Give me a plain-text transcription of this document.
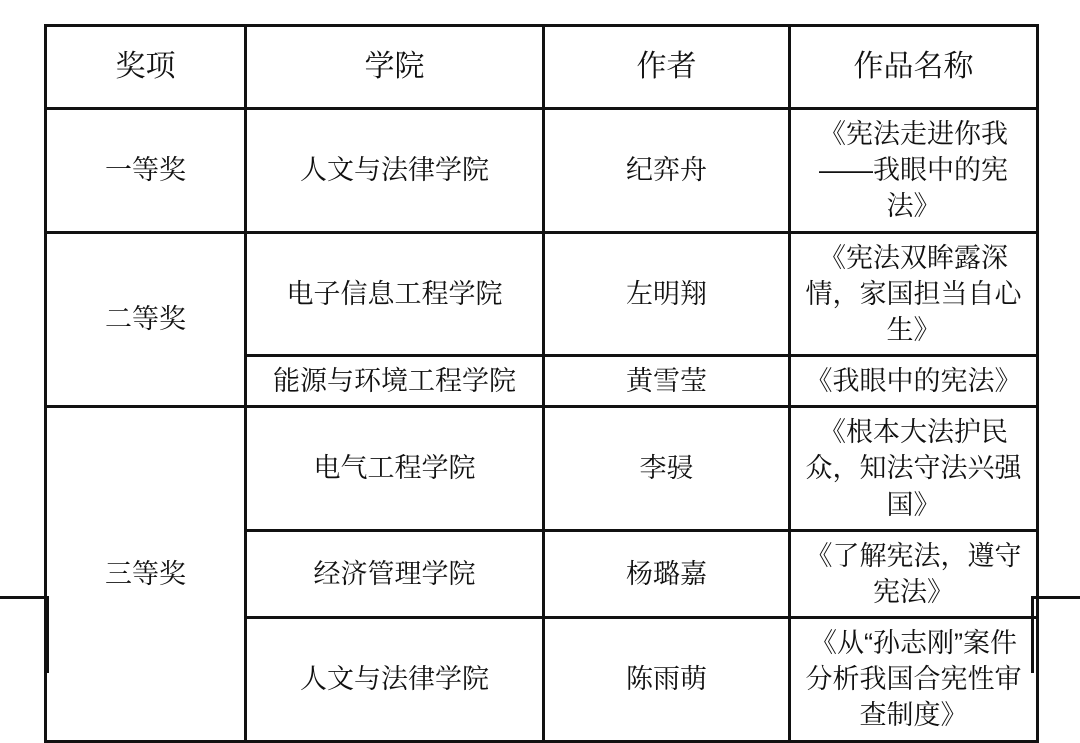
奖项	学院	作者	作品名称
一等奖	人文与法律学院	纪弈舟	《宪法走进你我——我眼中的宪法》
二等奖	电子信息工程学院	左明翔	《宪法双眸露深情，家国担当自心生》
	能源与环境工程学院	黄雪莹	《我眼中的宪法》
三等奖	电气工程学院	李骎	《根本大法护民众，知法守法兴强国》
	经济管理学院	杨璐嘉	《了解宪法，遵守宪法》
	人文与法律学院	陈雨萌	《从“孙志刚”案件分析我国合宪性审查制度》
